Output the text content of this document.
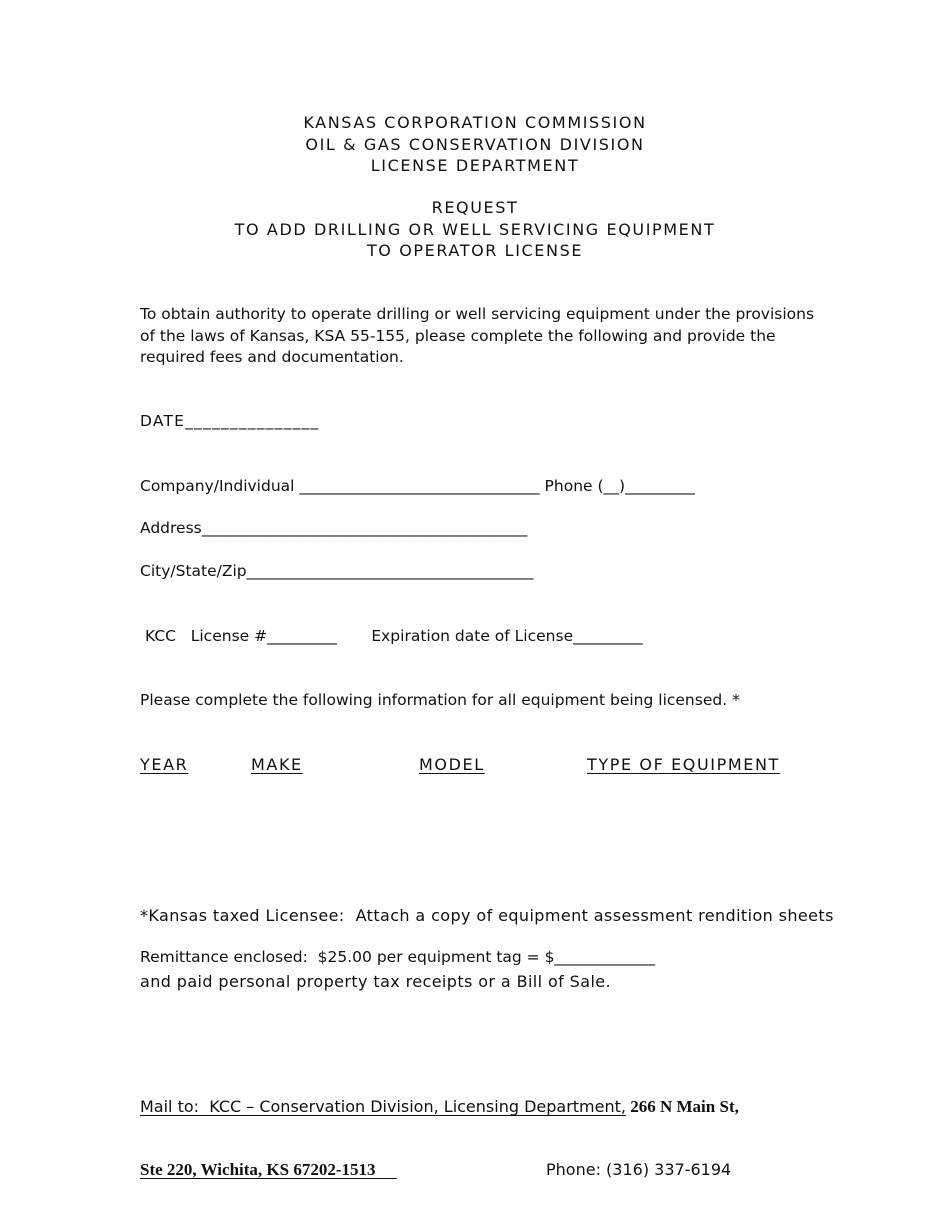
KANSAS CORPORATION COMMISSION
OIL & GAS CONSERVATION DIVISION
LICENSE DEPARTMENT
REQUEST
TO ADD DRILLING OR WELL SERVICING EQUIPMENT
TO OPERATOR LICENSE
To obtain authority to operate drilling or well servicing equipment under the provisions
of the laws of Kansas, KSA 55-155, please complete the following and provide the
required fees and documentation.
DATE_______________
Company/Individual _______________________________ Phone (__)_________
Address__________________________________________
City/State/Zip_____________________________________
KCC   License #_________       Expiration date of License_________
Please complete the following information for all equipment being licensed. *
YEAR	MAKE	MODEL	TYPE OF EQUIPMENT

*Kansas taxed Licensee:  Attach a copy of equipment assessment rendition sheets

and paid personal property tax receipts or a Bill of Sale.

Remittance enclosed:  $25.00 per equipment tag = $_____________

Mail to:  KCC – Conservation Division, Licensing Department, 266 N Main St,

Ste 220, Wichita, KS 67202-1513	Phone: (316) 337-6194
